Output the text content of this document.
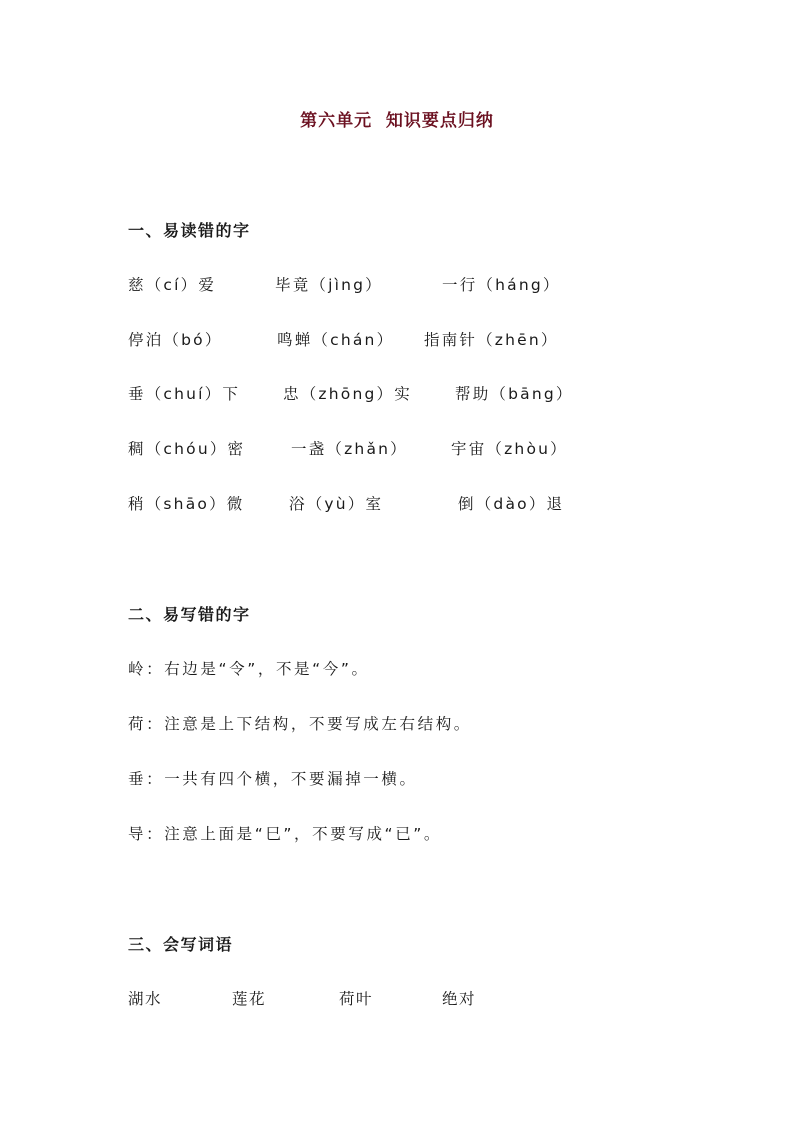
第六单元  知识要点归纳
一、易读错的字
慈（cí）爱	毕竟（jìng）	一行（háng）
停泊（bó）	鸣蝉（chán） 指南针（zhēn）
垂（chuí）下	忠（zhōng）实	帮助（bāng）
稠（chóu）密	一盏（zhǎn）	宇宙（zhòu）
稍（shāo）微	浴（yù）室	倒（dào）退
二、易写错的字
岭：右边是“令”，不是“今”。
荷：注意是上下结构，不要写成左右结构。
垂：一共有四个横，不要漏掉一横。
导：注意上面是“巳”，不要写成“已”。
三、会写词语
湖水	莲花	荷叶	绝对
